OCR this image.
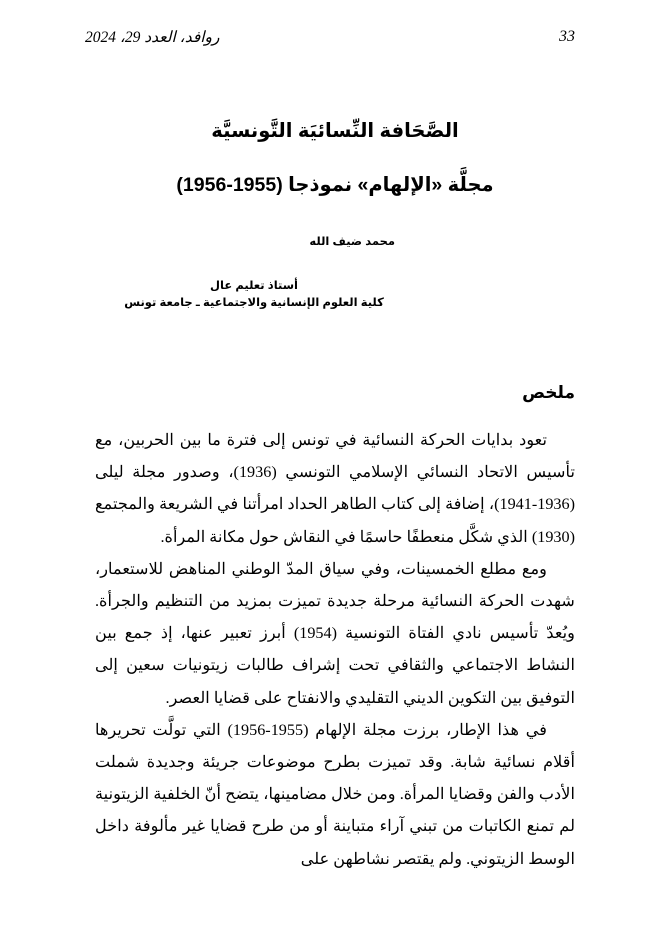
روافد، العدد 29، 2024	33
الصَّحَافة النِّسائيَة التَّونسيَّة
مجلَّة «الإلهام» نموذجا (1955-1956)

محمد ضيف الله

أستاذ تعليم عال

كلية العلوم الإنسانية والاجتماعية ـ جامعة تونس

ملخص

تعود بدايات الحركة النسائية في تونس إلى فترة ما بين الحربين، مع تأسيس الاتحاد النسائي الإسلامي التونسي (1936)، وصدور مجلة ليلى (1936-1941)، إضافة إلى كتاب الطاهر الحداد امرأتنا في الشريعة والمجتمع (1930) الذي شكَّل منعطفًا حاسمًا في النقاش حول مكانة المرأة.

ومع مطلع الخمسينات، وفي سياق المدّ الوطني المناهض للاستعمار، شهدت الحركة النسائية مرحلة جديدة تميزت بمزيد من التنظيم والجرأة. ويُعدّ تأسيس نادي الفتاة التونسية (1954) أبرز تعبير عنها، إذ جمع بين النشاط الاجتماعي والثقافي تحت إشراف طالبات زيتونيات سعين إلى التوفيق بين التكوين الديني التقليدي والانفتاح على قضايا العصر.

في هذا الإطار، برزت مجلة الإلهام (1955-1956) التي تولَّت تحريرها أقلام نسائية شابة. وقد تميزت بطرح موضوعات جريئة وجديدة شملت الأدب والفن وقضايا المرأة. ومن خلال مضامينها، يتضح أنّ الخلفية الزيتونية لم تمنع الكاتبات من تبني آراء متباينة أو من طرح قضايا غير مألوفة داخل الوسط الزيتوني. ولم يقتصر نشاطهن على
